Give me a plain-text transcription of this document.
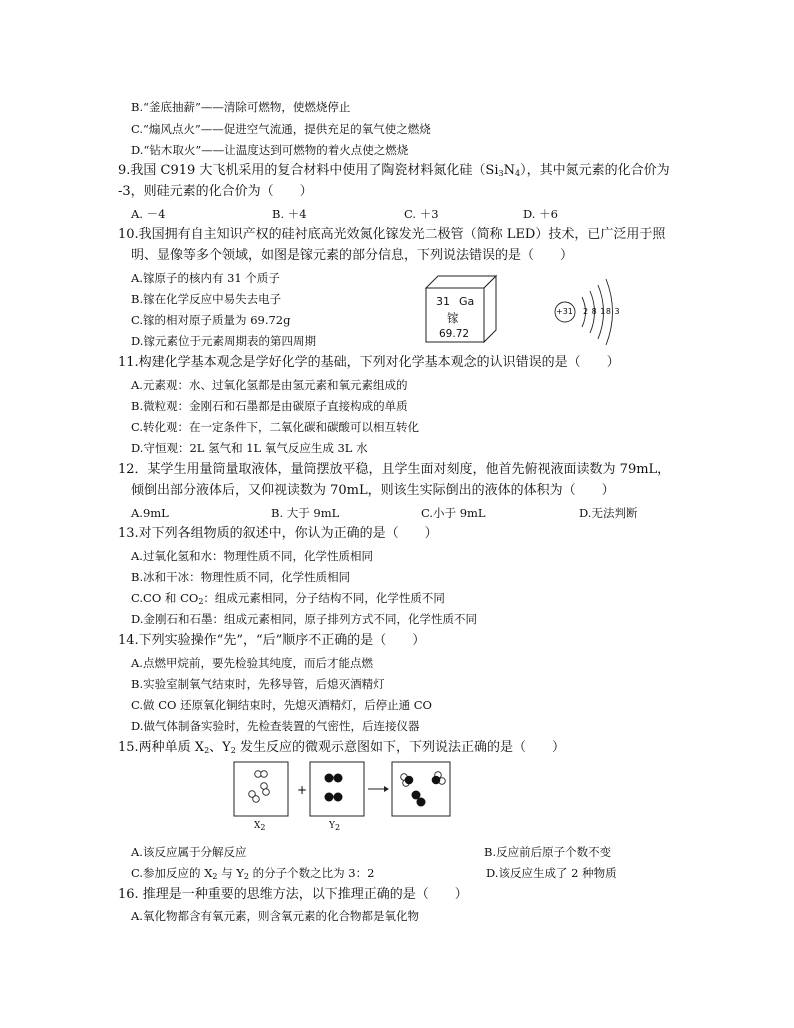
B.“釜底抽薪”——清除可燃物，使燃烧停止
C.“煽风点火”——促进空气流通，提供充足的氧气使之燃烧
D.“钻木取火”——让温度达到可燃物的着火点使之燃烧
9.我国 C919 大飞机采用的复合材料中使用了陶瓷材料氮化硅$(Si_3N_4)$，其中氮元素的化合价为
-3，则硅元素的化合价为（　　）
A. －4	B. ＋4	C. ＋3	D. ＋6
10.我国拥有自主知识产权的硅衬底高光效氮化镓发光二极管（简称 LED）技术，已广泛用于照
明、显像等多个领域，如图是镓元素的部分信息，下列说法错误的是（　　）
A.镓原子的核内有 31 个质子
B.镓在化学反应中易失去电子
C.镓的相对原子质量为 69.72g
D.镓元素位于元素周期表的第四周期
31 Ga
镓
69.72
+31 2 8 18 3
11.构建化学基本观念是学好化学的基础，下列对化学基本观念的认识错误的是（　　）
A.元素观：水、过氧化氢都是由氢元素和氧元素组成的
B.微粒观：金刚石和石墨都是由碳原子直接构成的单质
C.转化观：在一定条件下，二氧化碳和碳酸可以相互转化
D.守恒观：2L 氢气和 1L 氧气反应生成 3L 水
12．某学生用量筒量取液体，量筒摆放平稳，且学生面对刻度，他首先俯视液面读数为 79mL，
倾倒出部分液体后，又仰视读数为 70mL，则该生实际倒出的液体的体积为（　　）
A.9mL	B. 大于 9mL	C.小于 9mL	D.无法判断
13.对下列各组物质的叙述中，你认为正确的是（　　）
A.过氧化氢和水：物理性质不同，化学性质相同
B.冰和干冰：物理性质不同，化学性质相同
C.CO 和 $CO_2$：组成元素相同，分子结构不同，化学性质不同
D.金刚石和石墨：组成元素相同，原子排列方式不同，化学性质不同
14.下列实验操作“先”，“后”顺序不正确的是（　　）
A.点燃甲烷前，要先检验其纯度，而后才能点燃
B.实验室制氧气结束时，先移导管，后熄灭酒精灯
C.做 CO 还原氧化铜结束时，先熄灭酒精灯，后停止通 CO
D.做气体制备实验时，先检查装置的气密性，后连接仪器
15.两种单质 $X_2$、$Y_2$ 发生反应的微观示意图如下，下列说法正确的是（　　）
+
$X_2$	$Y_2$
A.该反应属于分解反应	B.反应前后原子个数不变
C.参加反应的 $X_2$ 与 $Y_2$ 的分子个数之比为 3：2	D.该反应生成了 2 种物质
16. 推理是一种重要的思维方法，以下推理正确的是（　　）
A.氧化物都含有氧元素，则含氧元素的化合物都是氧化物
